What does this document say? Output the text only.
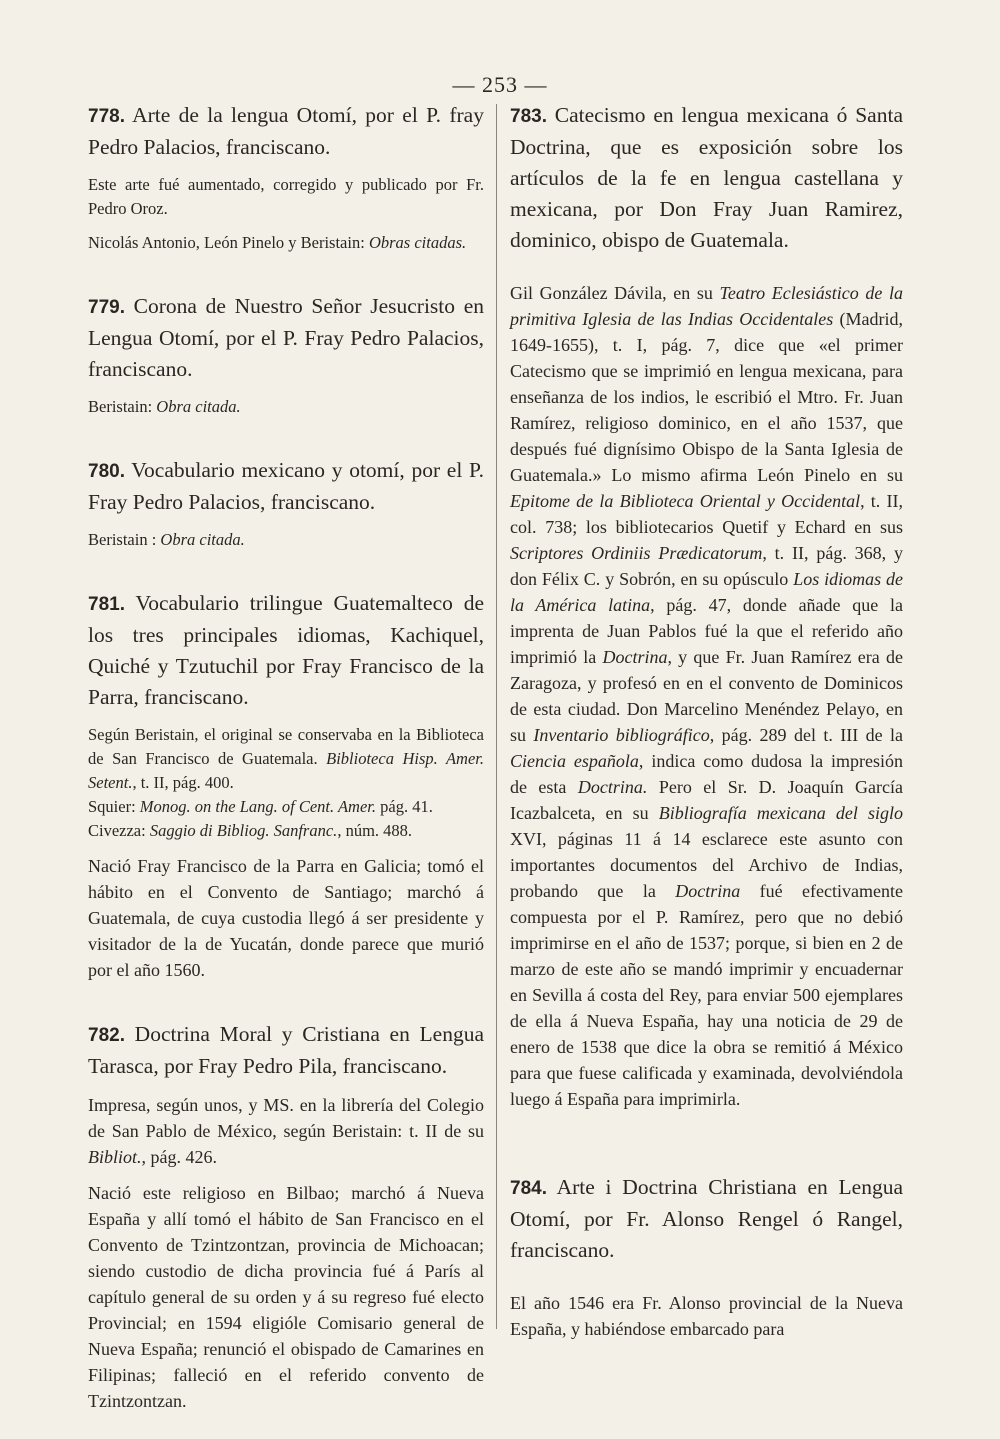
— 253 —

778. Arte de la lengua Otomí, por el P. fray Pedro Palacios, franciscano.

Este arte fué aumentado, corregido y publicado por Fr. Pedro Oroz.

Nicolás Antonio, León Pinelo y Beristain: Obras citadas.

779. Corona de Nuestro Señor Jesucristo en Lengua Otomí, por el P. Fray Pedro Palacios, franciscano.

Beristain: Obra citada.

780. Vocabulario mexicano y otomí, por el P. Fray Pedro Palacios, franciscano.

Beristain : Obra citada.

781. Vocabulario trilingue Guatemalteco de los tres principales idiomas, Kachiquel, Quiché y Tzutuchil por Fray Francisco de la Parra, franciscano.

Según Beristain, el original se conservaba en la Biblioteca de San Francisco de Guatemala. Biblioteca Hisp. Amer. Setent., t. II, pág. 400.

Squier: Monog. on the Lang. of Cent. Amer. pág. 41.

Civezza: Saggio di Bibliog. Sanfranc., núm. 488.

Nació Fray Francisco de la Parra en Galicia; tomó el hábito en el Convento de Santiago; marchó á Guatemala, de cuya custodia llegó á ser presidente y visitador de la de Yucatán, donde parece que murió por el año 1560.

782. Doctrina Moral y Cristiana en Lengua Tarasca, por Fray Pedro Pila, franciscano.

Impresa, según unos, y MS. en la librería del Colegio de San Pablo de México, según Beristain: t. II de su Bibliot., pág. 426.

Nació este religioso en Bilbao; marchó á Nueva España y allí tomó el hábito de San Francisco en el Convento de Tzintzontzan, provincia de Michoacan; siendo custodio de dicha provincia fué á París al capítulo general de su orden y á su regreso fué electo Provincial; en 1594 eligióle Comisario general de Nueva España; renunció el obispado de Camarines en Filipinas; falleció en el referido convento de Tzintzontzan.

783. Catecismo en lengua mexicana ó Santa Doctrina, que es exposición sobre los artículos de la fe en lengua castellana y mexicana, por Don Fray Juan Ramirez, dominico, obispo de Guatemala.

Gil González Dávila, en su Teatro Eclesiástico de la primitiva Iglesia de las Indias Occidentales (Madrid, 1649-1655), t. I, pág. 7, dice que «el primer Catecismo que se imprimió en lengua mexicana, para enseñanza de los indios, le escribió el Mtro. Fr. Juan Ramírez, religioso dominico, en el año 1537, que después fué dignísimo Obispo de la Santa Iglesia de Guatemala.» Lo mismo afirma León Pinelo en su Epitome de la Biblioteca Oriental y Occidental, t. II, col. 738; los bibliotecarios Quetif y Echard en sus Scriptores Ordiniis Prædicatorum, t. II, pág. 368, y don Félix C. y Sobrón, en su opúsculo Los idiomas de la América latina, pág. 47, donde añade que la imprenta de Juan Pablos fué la que el referido año imprimió la Doctrina, y que Fr. Juan Ramírez era de Zaragoza, y profesó en en el convento de Dominicos de esta ciudad. Don Marcelino Menéndez Pelayo, en su Inventario bibliográfico, pág. 289 del t. III de la Ciencia española, indica como dudosa la impresión de esta Doctrina. Pero el Sr. D. Joaquín García Icazbalceta, en su Bibliografía mexicana del siglo XVI, páginas 11 á 14 esclarece este asunto con importantes documentos del Archivo de Indias, probando que la Doctrina fué efectivamente compuesta por el P. Ramírez, pero que no debió imprimirse en el año de 1537; porque, si bien en 2 de marzo de este año se mandó imprimir y encuadernar en Sevilla á costa del Rey, para enviar 500 ejemplares de ella á Nueva España, hay una noticia de 29 de enero de 1538 que dice la obra se remitió á México para que fuese calificada y examinada, devolviéndola luego á España para imprimirla.

784. Arte i Doctrina Christiana en Lengua Otomí, por Fr. Alonso Rengel ó Rangel, franciscano.

El año 1546 era Fr. Alonso provincial de la Nueva España, y habiéndose embarcado para
